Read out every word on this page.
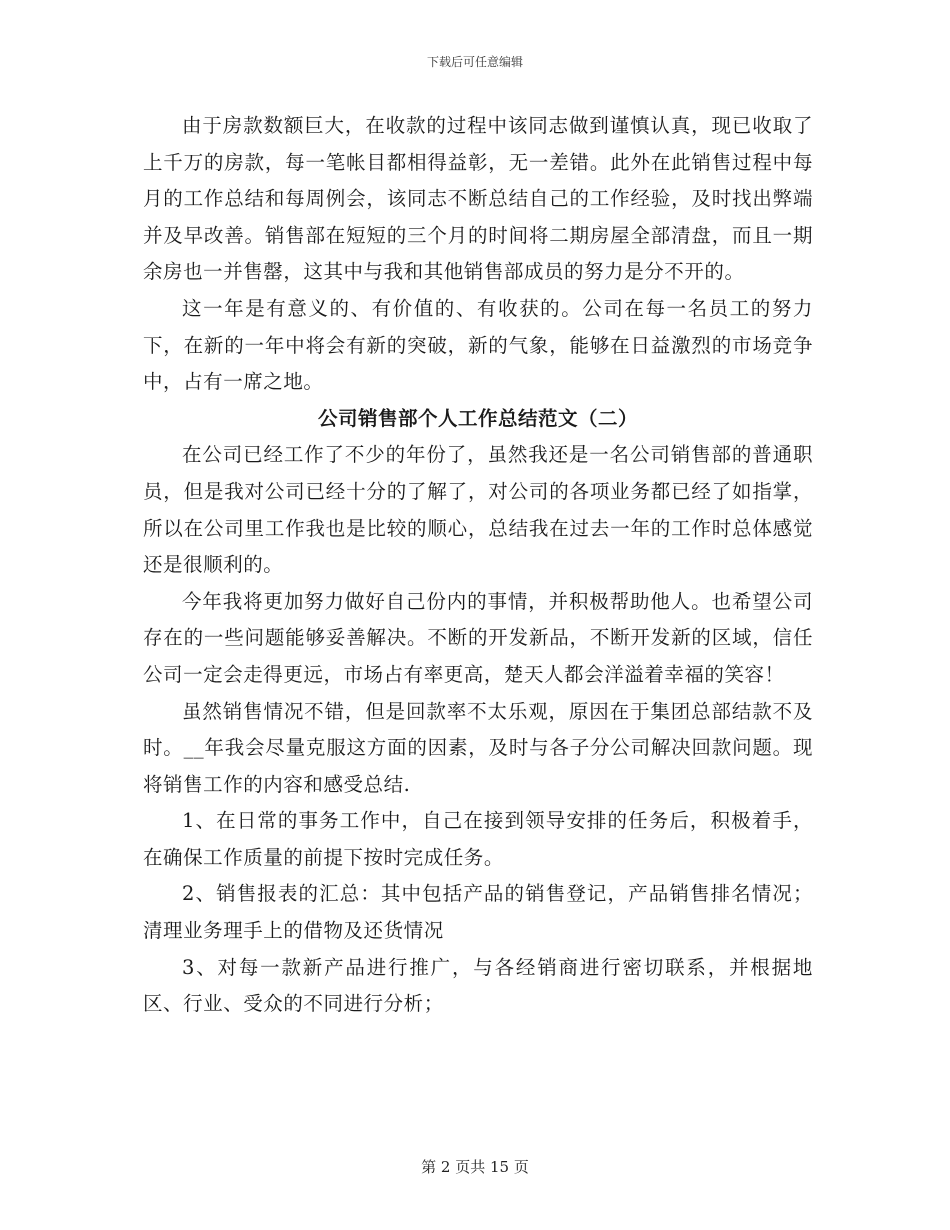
下载后可任意编辑

由于房款数额巨大，在收款的过程中该同志做到谨慎认真，现已收取了上千万的房款，每一笔帐目都相得益彰，无一差错。此外在此销售过程中每月的工作总结和每周例会，该同志不断总结自己的工作经验，及时找出弊端并及早改善。销售部在短短的三个月的时间将二期房屋全部清盘，而且一期余房也一并售罄，这其中与我和其他销售部成员的努力是分不开的。

这一年是有意义的、有价值的、有收获的。公司在每一名员工的努力下，在新的一年中将会有新的突破，新的气象，能够在日益激烈的市场竞争中，占有一席之地。

公司销售部个人工作总结范文（二）

在公司已经工作了不少的年份了，虽然我还是一名公司销售部的普通职员，但是我对公司已经十分的了解了，对公司的各项业务都已经了如指掌，所以在公司里工作我也是比较的顺心，总结我在过去一年的工作时总体感觉还是很顺利的。

今年我将更加努力做好自己份内的事情，并积极帮助他人。也希望公司存在的一些问题能够妥善解决。不断的开发新品，不断开发新的区域，信任公司一定会走得更远，市场占有率更高，楚天人都会洋溢着幸福的笑容！

虽然销售情况不错，但是回款率不太乐观，原因在于集团总部结款不及时。__年我会尽量克服这方面的因素，及时与各子分公司解决回款问题。现将销售工作的内容和感受总结.

1、在日常的事务工作中，自己在接到领导安排的任务后，积极着手，在确保工作质量的前提下按时完成任务。

2、销售报表的汇总：其中包括产品的销售登记，产品销售排名情况；清理业务理手上的借物及还货情况

3、对每一款新产品进行推广，与各经销商进行密切联系，并根据地区、行业、受众的不同进行分析；

第 2 页共 15 页
